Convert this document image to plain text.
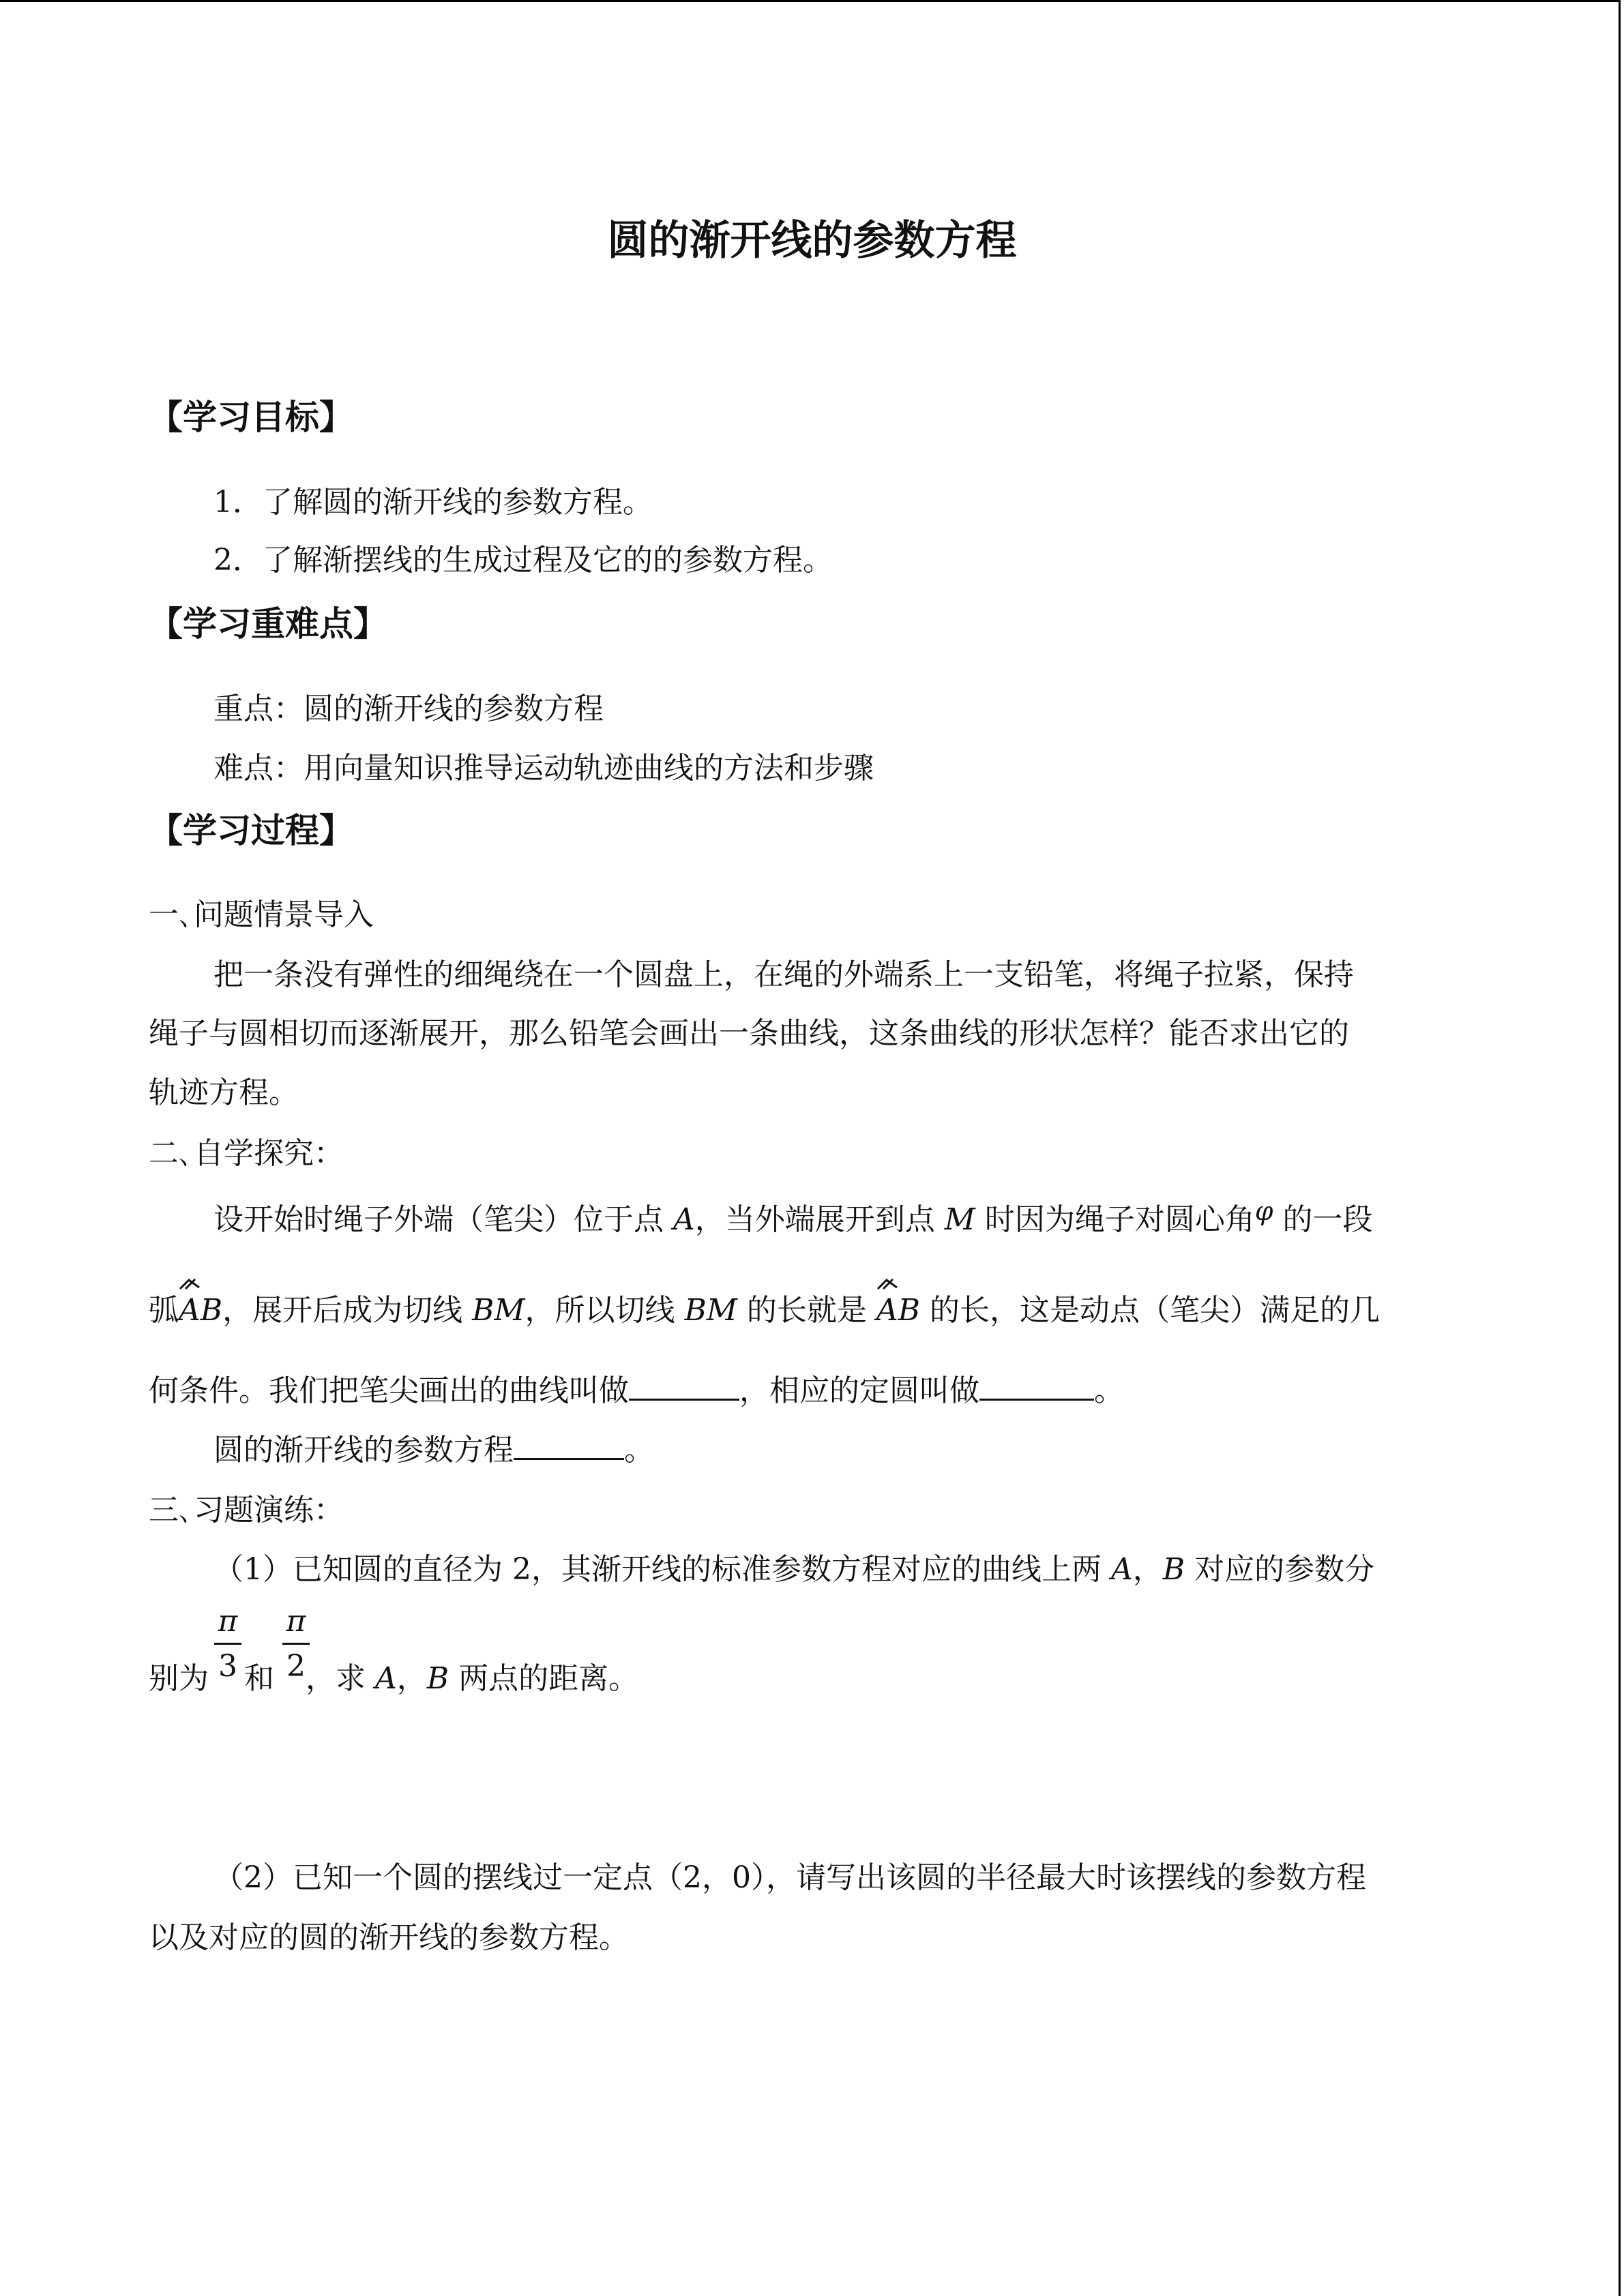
圆的渐开线的参数方程
【学习目标】
1．了解圆的渐开线的参数方程。
2．了解渐摆线的生成过程及它的的参数方程。
【学习重难点】
重点：圆的渐开线的参数方程
难点：用向量知识推导运动轨迹曲线的方法和步骤
【学习过程】
一､问题情景导入
把一条没有弹性的细绳绕在一个圆盘上，在绳的外端系上一支铅笔，将绳子拉紧，保持
绳子与圆相切而逐渐展开，那么铅笔会画出一条曲线，这条曲线的形状怎样？能否求出它的
轨迹方程。
二､自学探究：
设开始时绳子外端（笔尖）位于点 A，当外端展开到点 M 时因为绳子对圆心角φ 的一段
弧
AB，展开后成为切线 BM，所以切线 BM 的长就是 AB 的长，这是动点（笔尖）满足的几
何条件。我们把笔尖画出的曲线叫做	，相应的定圆叫做	。
圆的渐开线的参数方程	。
三､习题演练：
（1）已知圆的直径为 2，其渐开线的标准参数方程对应的曲线上两 A，B 对应的参数分
π
3
π
2
别为 和 ，求 A，B 两点的距离。
（2）已知一个圆的摆线过一定点（2，0），请写出该圆的半径最大时该摆线的参数方程
以及对应的圆的渐开线的参数方程。
